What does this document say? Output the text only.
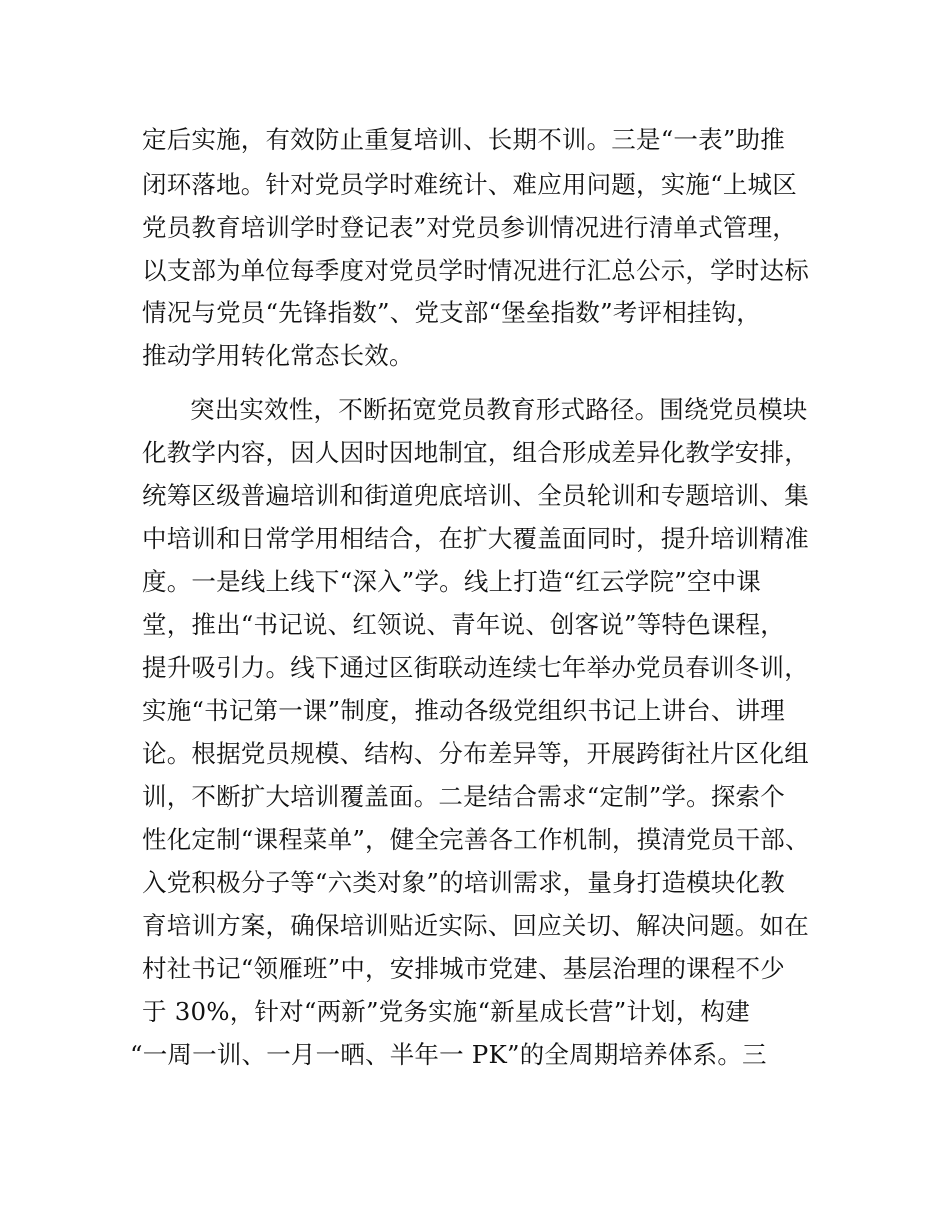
定后实施，有效防止重复培训、长期不训。三是“一表”助推
闭环落地。针对党员学时难统计、难应用问题，实施“上城区
党员教育培训学时登记表”对党员参训情况进行清单式管理，
以支部为单位每季度对党员学时情况进行汇总公示，学时达标
情况与党员“先锋指数”、党支部“堡垒指数”考评相挂钩，
推动学用转化常态长效。
突出实效性，不断拓宽党员教育形式路径。围绕党员模块
化教学内容，因人因时因地制宜，组合形成差异化教学安排，
统筹区级普遍培训和街道兜底培训、全员轮训和专题培训、集
中培训和日常学用相结合，在扩大覆盖面同时，提升培训精准
度。一是线上线下“深入”学。线上打造“红云学院”空中课
堂，推出“书记说、红领说、青年说、创客说”等特色课程，
提升吸引力。线下通过区街联动连续七年举办党员春训冬训，
实施“书记第一课”制度，推动各级党组织书记上讲台、讲理
论。根据党员规模、结构、分布差异等，开展跨街社片区化组
训，不断扩大培训覆盖面。二是结合需求“定制”学。探索个
性化定制“课程菜单”，健全完善各工作机制，摸清党员干部、
入党积极分子等“六类对象”的培训需求，量身打造模块化教
育培训方案，确保培训贴近实际、回应关切、解决问题。如在
村社书记“领雁班”中，安排城市党建、基层治理的课程不少
于 30%，针对“两新”党务实施“新星成长营”计划，构建
“一周一训、一月一晒、半年一 PK”的全周期培养体系。三
